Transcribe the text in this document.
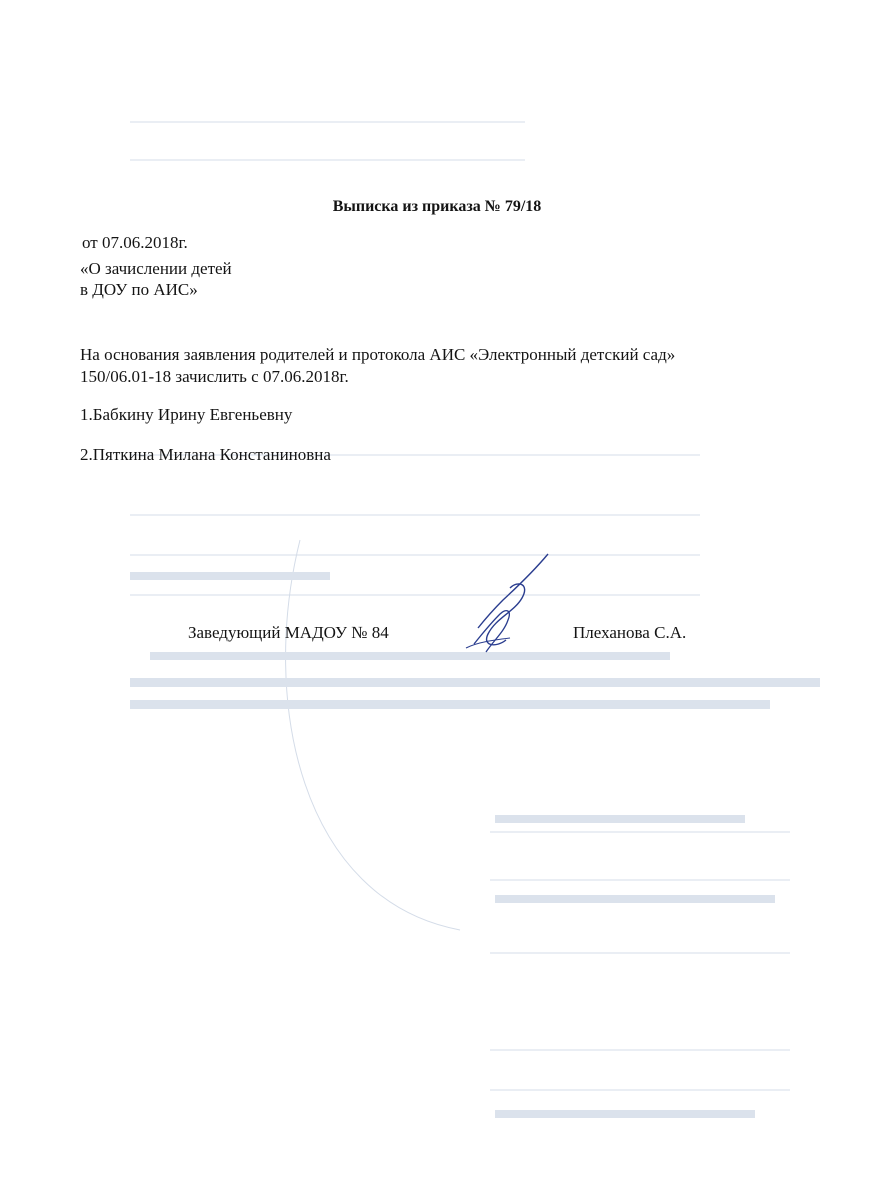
Выписка из приказа № 79/18
от 07.06.2018г.
«О зачислении детей
в ДОУ по АИС»
На основания заявления родителей и протокола АИС «Электронный детский сад»
150/06.01-18 зачислить с 07.06.2018г.
1.Бабкину Ирину Евгеньевну
2.Пяткина Милана Констаниновна
Заведующий МАДОУ № 84	Плеханова С.А.
